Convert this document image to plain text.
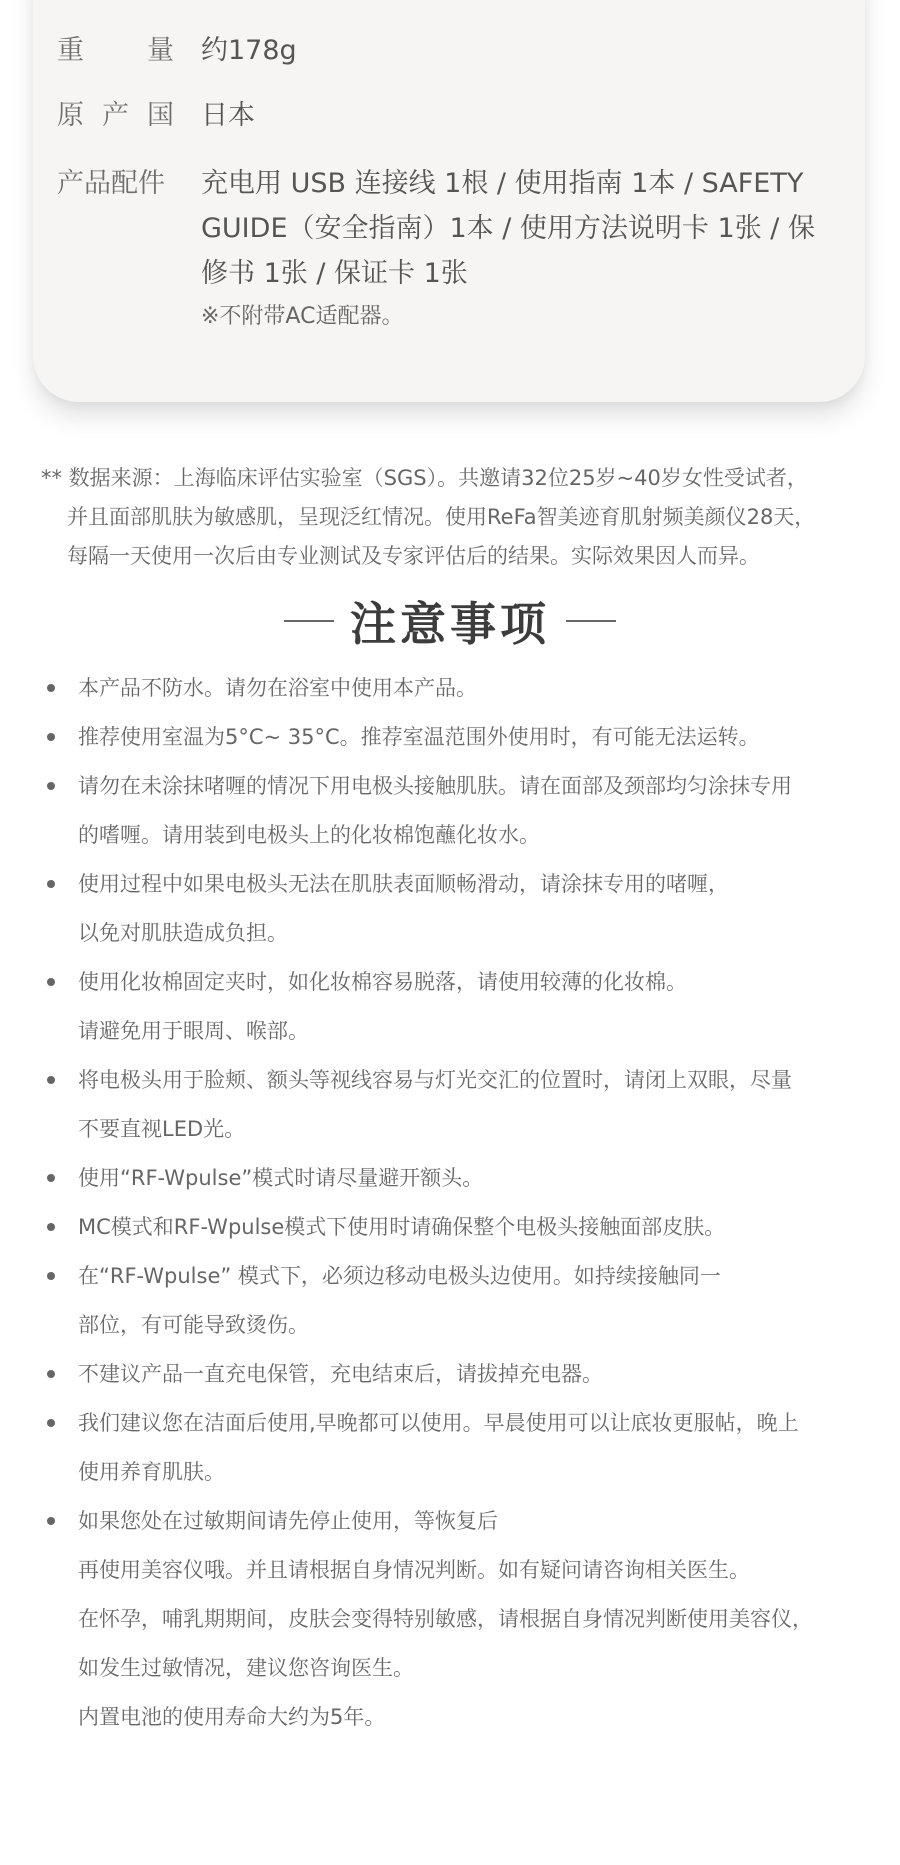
重 量 约178g
原 产 国 日本
产品配件	充电用 USB 连接线 1根 / 使用指南 1本 / SAFETY
GUIDE（安全指南）1本 / 使用方法说明卡 1张 / 保
修书 1张 / 保证卡 1张
※不附带AC适配器。
** 数据来源：上海临床评估实验室（SGS）。共邀请32位25岁~40岁女性受试者，
并且面部肌肤为敏感肌，呈现泛红情况。使用ReFa智美迹育肌射频美颜仪28天，
每隔一天使用一次后由专业测试及专家评估后的结果。实际效果因人而异。
注意事项
本产品不防水。请勿在浴室中使用本产品。
推荐使用室温为5°C~ 35°C。推荐室温范围外使用时，有可能无法运转。
请勿在未涂抹啫喱的情况下用电极头接触肌肤。请在面部及颈部均匀涂抹专用
的嗜喱。请用装到电极头上的化妆棉饱蘸化妆水。
使用过程中如果电极头无法在肌肤表面顺畅滑动，请涂抹专用的啫喱，
以免对肌肤造成负担。
使用化妆棉固定夹时，如化妆棉容易脱落，请使用较薄的化妆棉。
请避免用于眼周、喉部。
将电极头用于脸颊、额头等视线容易与灯光交汇的位置时，请闭上双眼，尽量
不要直视LED光。
使用“RF-Wpulse”模式时请尽量避开额头。
MC模式和RF-Wpulse模式下使用时请确保整个电极头接触面部皮肤。
在“RF-Wpulse” 模式下，必须边移动电极头边使用。如持续接触同一
部位，有可能导致烫伤。
不建议产品一直充电保管，充电结束后，请拔掉充电器。
我们建议您在洁面后使用,早晚都可以使用。早晨使用可以让底妆更服帖，晚上
使用养育肌肤。
如果您处在过敏期间请先停止使用，等恢复后
再使用美容仪哦。并且请根据自身情况判断。如有疑问请咨询相关医生。
在怀孕，哺乳期期间，皮肤会变得特别敏感，请根据自身情况判断使用美容仪，
如发生过敏情况，建议您咨询医生。
内置电池的使用寿命大约为5年。
